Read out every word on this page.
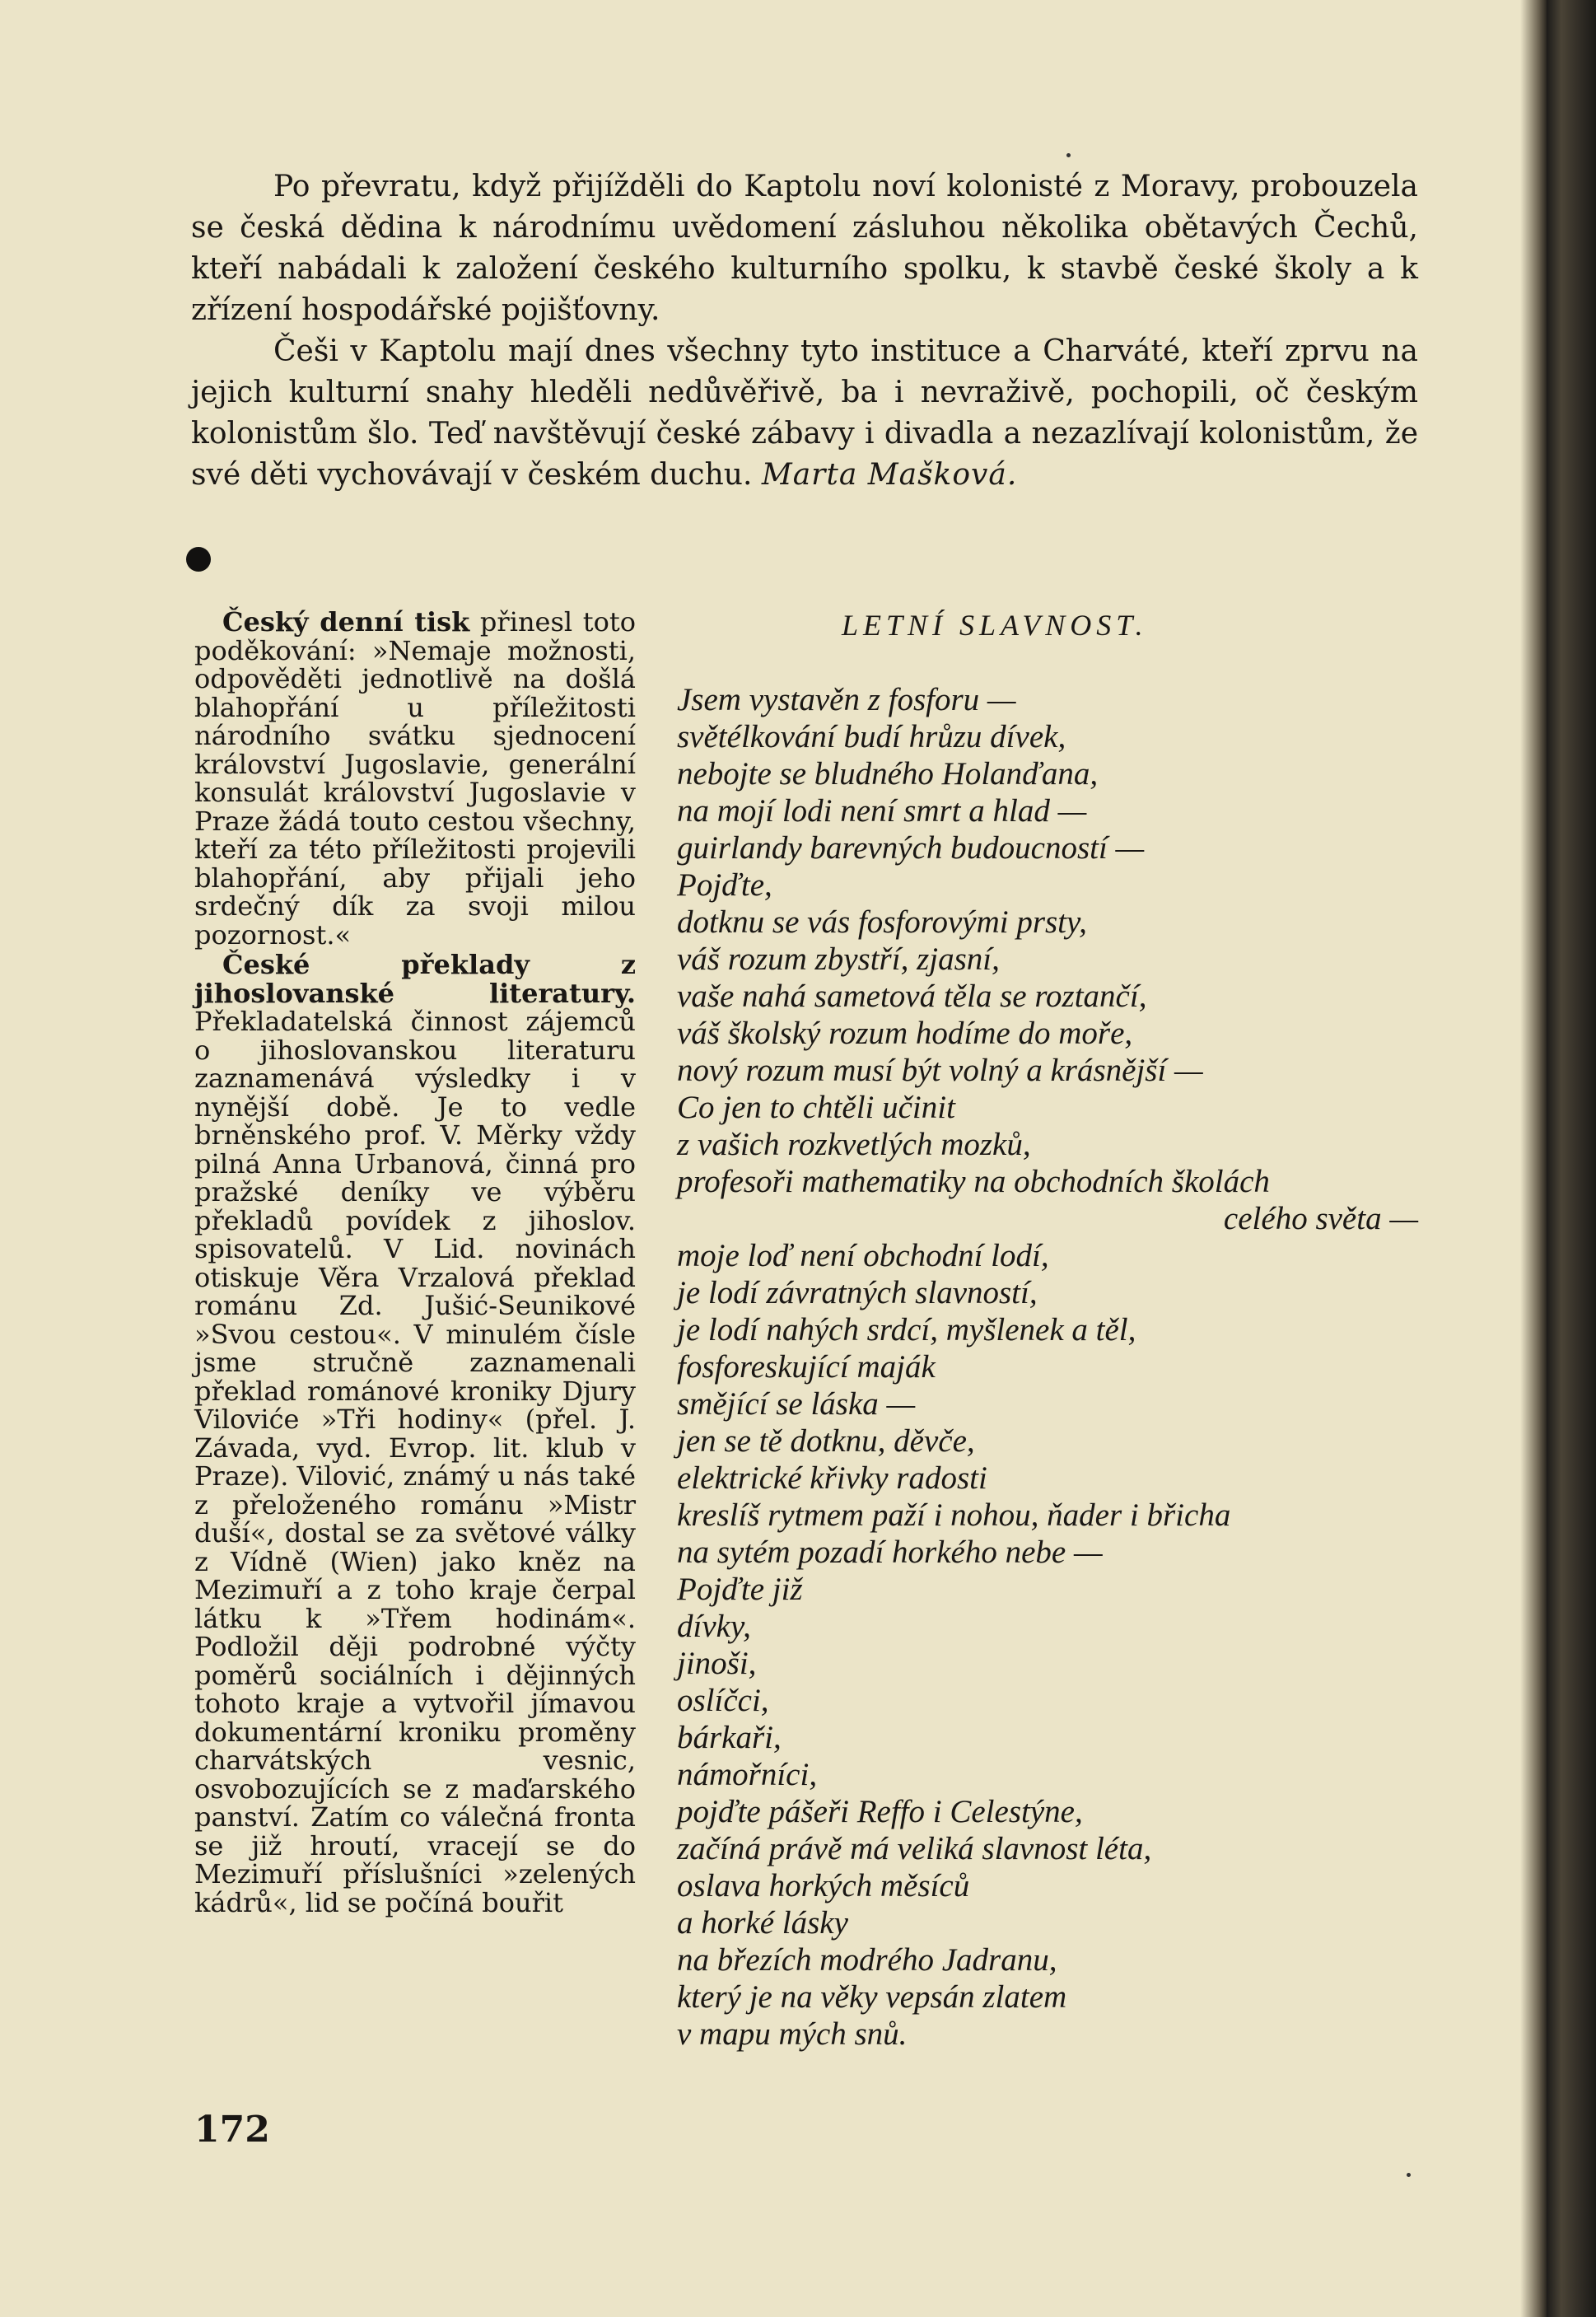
Po převratu, když přijížděli do Kaptolu noví kolonisté z Moravy, probouzela se česká dědina k národnímu uvědomení zásluhou několika obětavých Čechů, kteří nabádali k založení českého kulturního spolku, k stavbě české školy a k zřízení hospodářské pojišťovny.

Češi v Kaptolu mají dnes všechny tyto instituce a Charváté, kteří zprvu na jejich kulturní snahy hleděli nedůvěřivě, ba i nevraživě, pochopili, oč českým kolonistům šlo. Teď navštěvují české zábavy i divadla a nezazlívají kolonistům, že své děti vychovávají v českém duchu. Marta Mašková.

Český denní tisk přinesl toto poděkování: »Nemaje možnosti, odpověděti jednotlivě na došlá blahopřání u příležitosti národního svátku sjednocení království Jugoslavie, generální konsulát království Jugoslavie v Praze žádá touto cestou všechny, kteří za této příležitosti projevili blahopřání, aby přijali jeho srdečný dík za svoji milou pozornost.«

České překlady z jihoslovanské literatury. Překladatelská činnost zájemců o jihoslovanskou literaturu zaznamenává výsledky i v nynější době. Je to vedle brněnského prof. V. Měrky vždy pilná Anna Urbanová, činná pro pražské deníky ve výběru překladů povídek z jihoslov. spisovatelů. V Lid. novinách otiskuje Věra Vrzalová překlad románu Zd. Jušić-Seunikové »Svou cestou«. V minulém čísle jsme stručně zaznamenali překlad románové kroniky Djury Viloviće »Tři hodiny« (přel. J. Závada, vyd. Evrop. lit. klub v Praze). Vilović, známý u nás také z přeloženého románu »Mistr duší«, dostal se za světové války z Vídně (Wien) jako kněz na Mezimuří a z toho kraje čerpal látku k »Třem hodinám«. Podložil ději podrobné výčty poměrů sociálních i dějinných tohoto kraje a vytvořil jímavou dokumentární kroniku proměny charvátských vesnic, osvobozujících se z maďarského panství. Zatím co válečná fronta se již hroutí, vracejí se do Mezimuří příslušníci »zelených kádrů«, lid se počíná bouřit

LETNÍ SLAVNOST.
Jsem vystavěn z fosforu —
světélkování budí hrůzu dívek,
nebojte se bludného Holanďana,
na mojí lodi není smrt a hlad —
guirlandy barevných budoucností —
Pojďte,
dotknu se vás fosforovými prsty,
váš rozum zbystří, zjasní,
vaše nahá sametová těla se roztančí,
váš školský rozum hodíme do moře,
nový rozum musí být volný a krásnější —
Co jen to chtěli učinit
z vašich rozkvetlých mozků,
profesoři mathematiky na obchodních školách
celého světa —
moje loď není obchodní lodí,
je lodí závratných slavností,
je lodí nahých srdcí, myšlenek a těl,
fosforeskující maják
smějící se láska —
jen se tě dotknu, děvče,
elektrické křivky radosti
kreslíš rytmem paží i nohou, ňader i břicha
na sytém pozadí horkého nebe —
Pojďte již
dívky,
jinoši,
oslíčci,
bárkaři,
námořníci,
pojďte pášeři Reffo i Celestýne,
začíná právě má veliká slavnost léta,
oslava horkých měsíců
a horké lásky
na březích modrého Jadranu,
který je na věky vepsán zlatem
v mapu mých snů.
172
